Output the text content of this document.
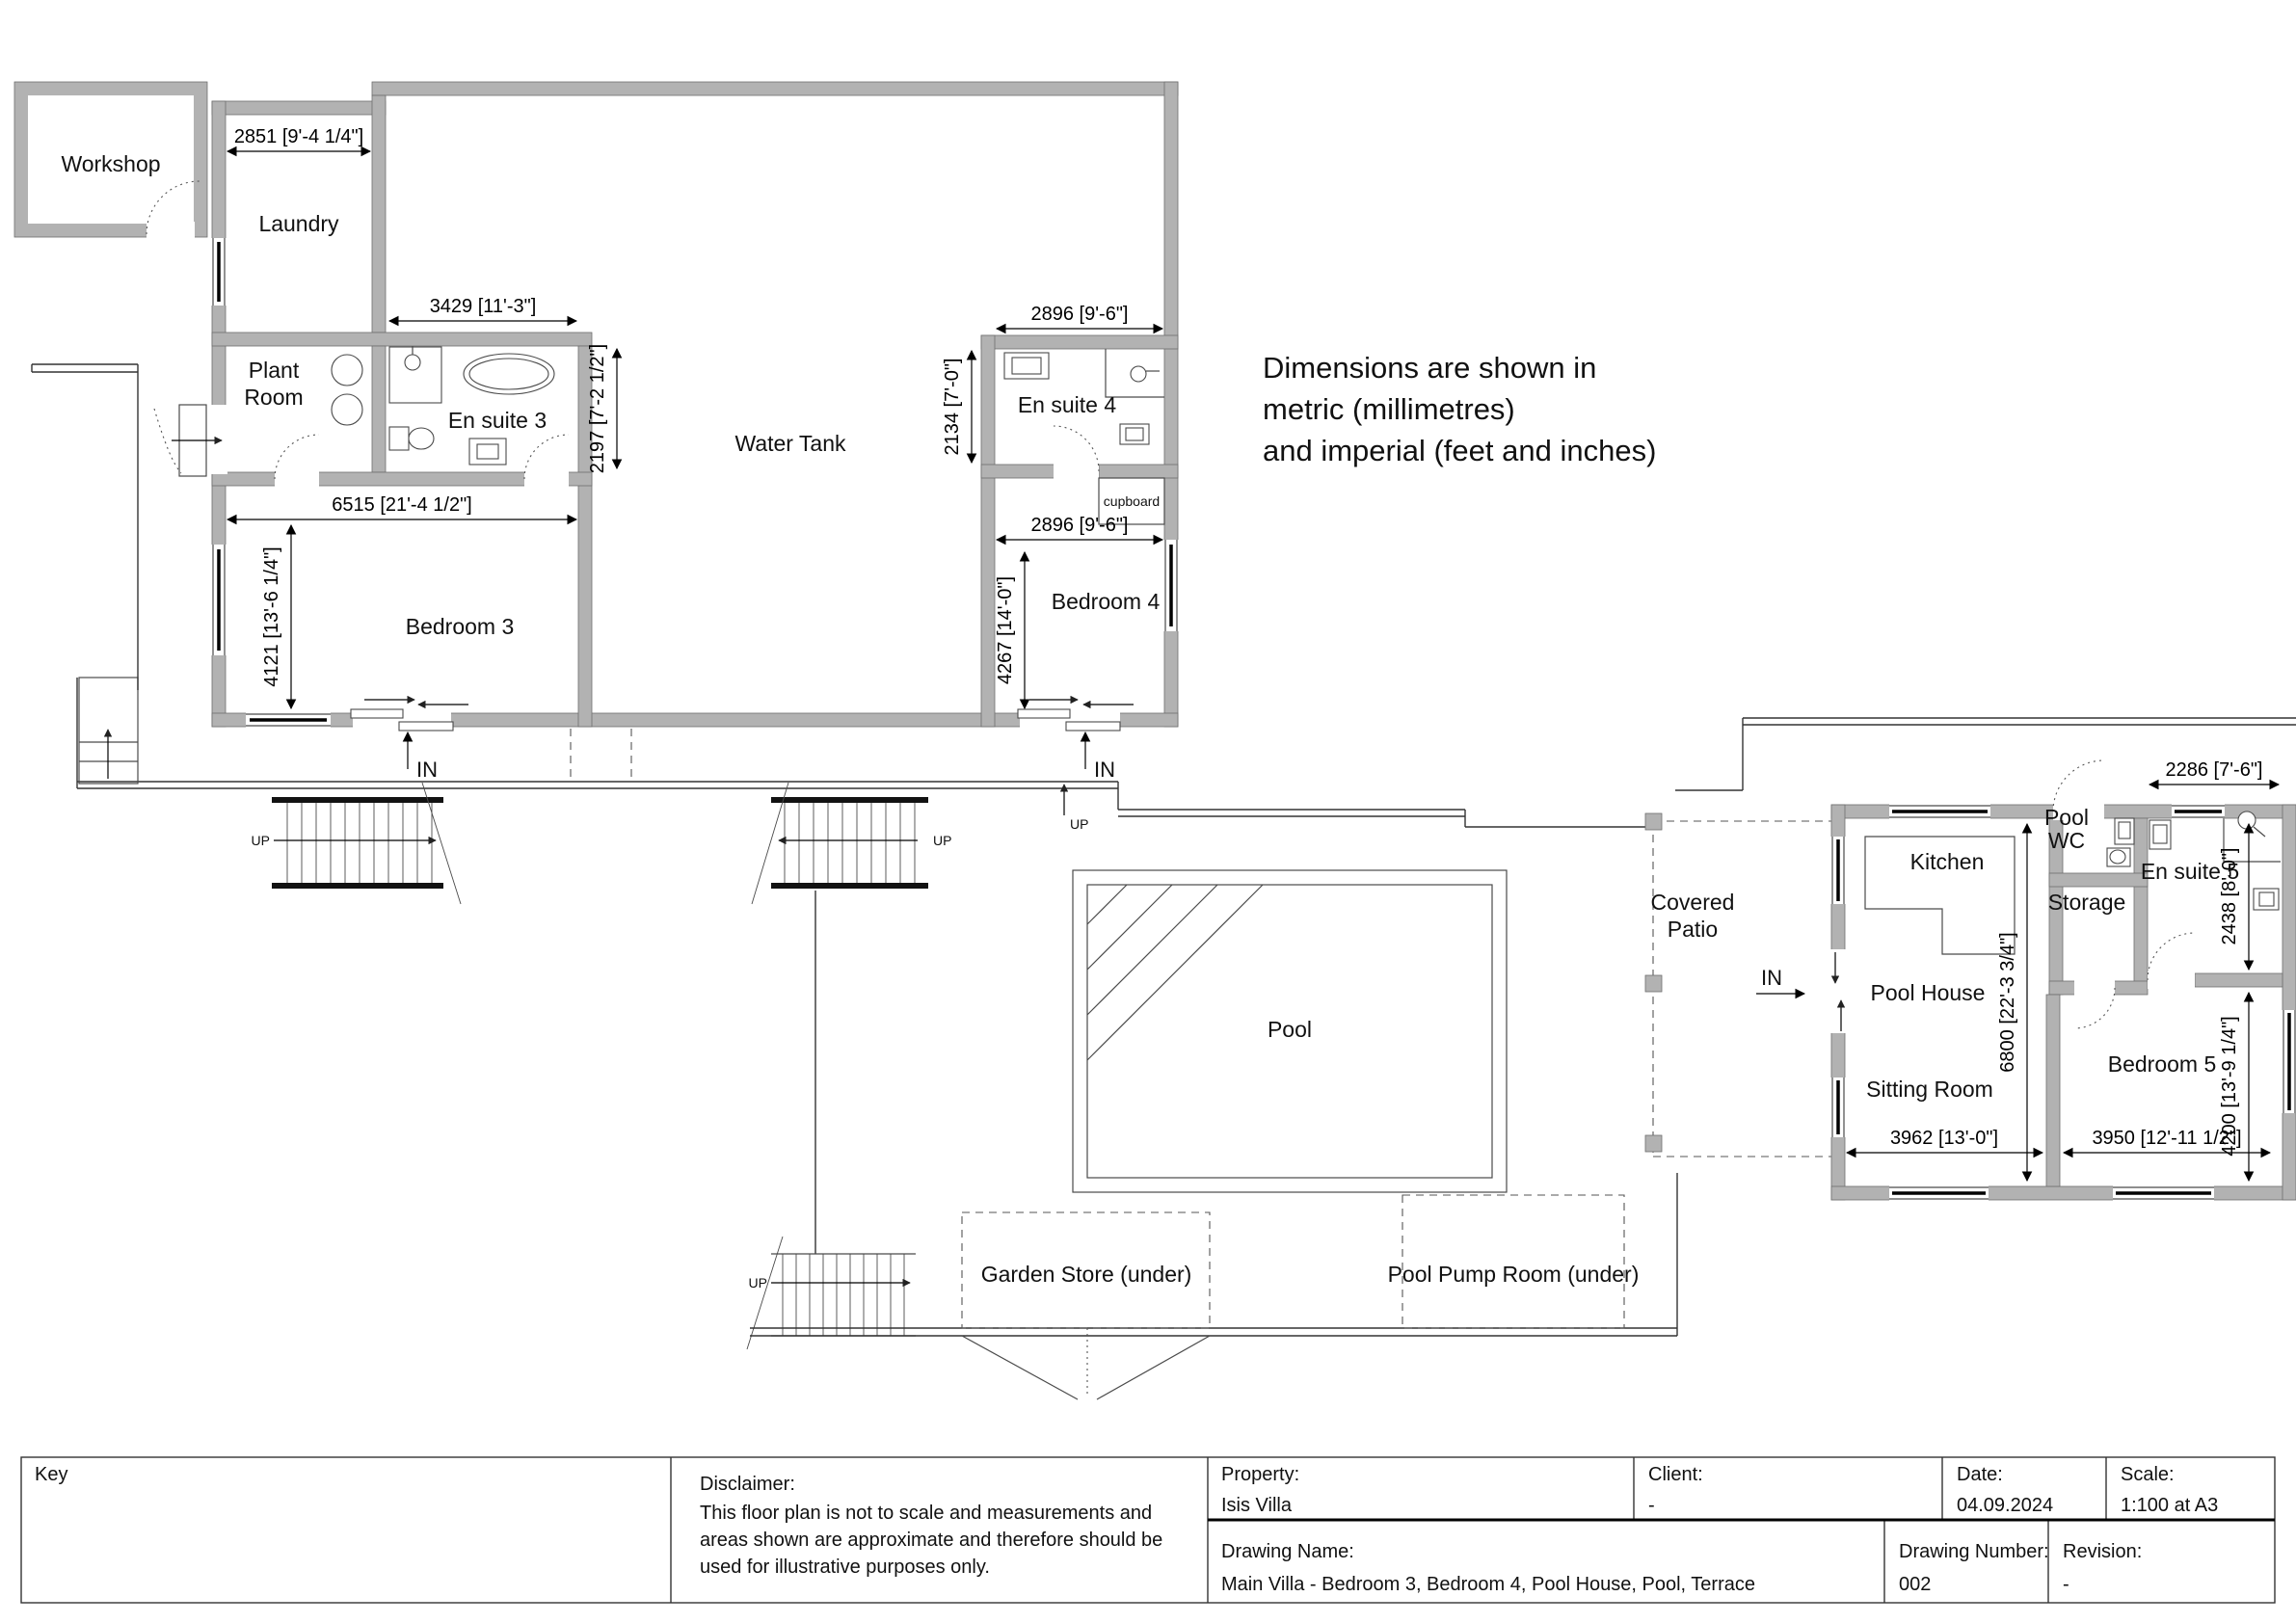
2851 [9'-4 1/4"]
3429 [11'-3"]
2197 [7'-2 1/2"]
6515 [21'-4 1/2"]
4121 [13'-6 1/4"]
2896 [9'-6"]
2134 [7'-0"]
2896 [9'-6"]
4267 [14'-0"]
2286 [7'-6"]
2438 [8'-0"]
6800 [22'-3 3/4"]
3962 [13'-0"]	3950 [12'-11 1/2"]
4200 [13'-9 1/4"]
IN	IN
IN
UP	UP
UP
UP
Workshop
Laundry
Plant
Room
En suite 3
Water Tank
En suite 4
cupboard
Bedroom 4
Bedroom 3
Pool
Garden Store (under)	Pool Pump Room (under)
Covered
Patio
Kitchen
Pool
WC
Storage
En suite 5
Pool House
Sitting Room
Bedroom 5
Dimensions are shown in
metric (millimetres)
and imperial (feet and inches)
Key	Disclaimer:
This floor plan is not to scale and measurements and
areas shown are approximate and therefore should be
used for illustrative purposes only.
Property:
Isis Villa
Client:
-
Date:
04.09.2024
Scale:
1:100 at A3
Drawing Name:
Main Villa - Bedroom 3, Bedroom 4, Pool House, Pool, Terrace
Drawing Number:
002
Revision:
-
